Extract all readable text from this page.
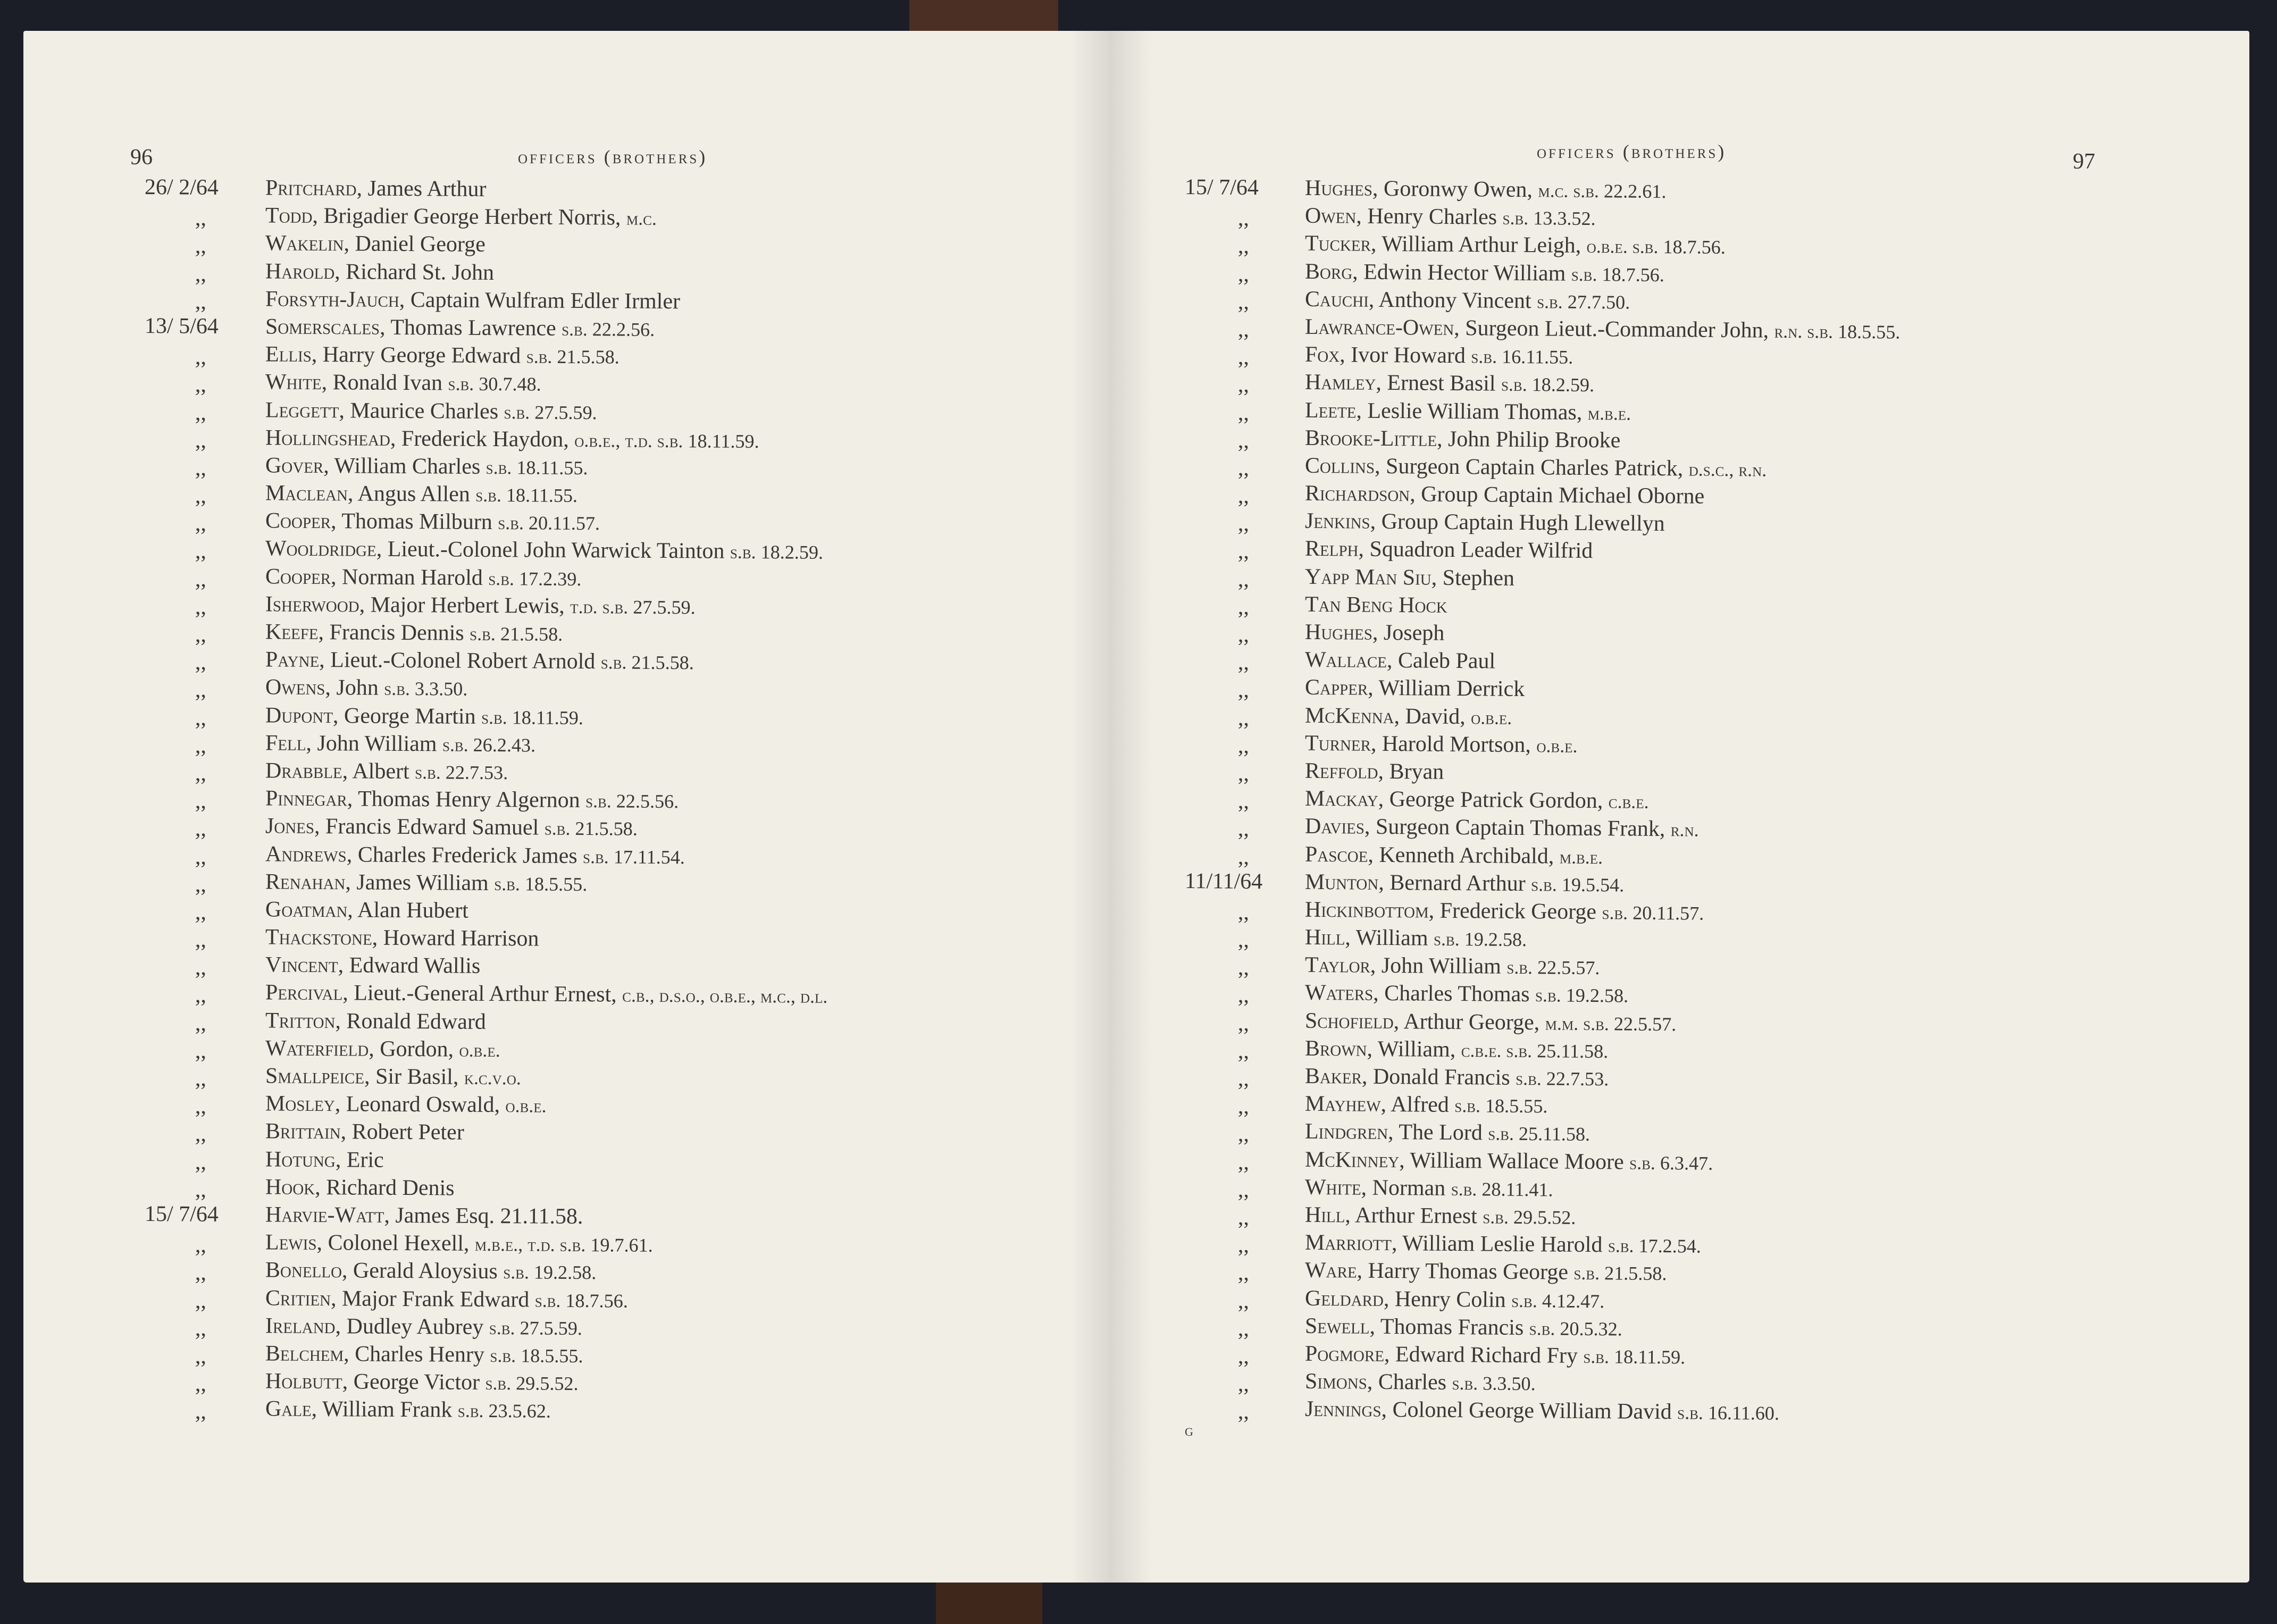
96	officers (brothers)
26/ 2/64 Pritchard, James Arthur
,,	Todd, Brigadier George Herbert Norris, m.c.
,,	Wakelin, Daniel George
,,	Harold, Richard St. John
,,	Forsyth-Jauch, Captain Wulfram Edler Irmler
13/ 5/64 Somerscales, Thomas Lawrence s.b. 22.2.56.
,,	Ellis, Harry George Edward s.b. 21.5.58.
,,	White, Ronald Ivan s.b. 30.7.48.
,,	Leggett, Maurice Charles s.b. 27.5.59.
,,	Hollingshead, Frederick Haydon, o.b.e., t.d. s.b. 18.11.59.
,,	Gover, William Charles s.b. 18.11.55.
,,	Maclean, Angus Allen s.b. 18.11.55.
,,	Cooper, Thomas Milburn s.b. 20.11.57.
,,	Wooldridge, Lieut.-Colonel John Warwick Tainton s.b. 18.2.59.
,,	Cooper, Norman Harold s.b. 17.2.39.
,,	Isherwood, Major Herbert Lewis, t.d. s.b. 27.5.59.
,,	Keefe, Francis Dennis s.b. 21.5.58.
,,	Payne, Lieut.-Colonel Robert Arnold s.b. 21.5.58.
,,	Owens, John s.b. 3.3.50.
,,	Dupont, George Martin s.b. 18.11.59.
,,	Fell, John William s.b. 26.2.43.
,,	Drabble, Albert s.b. 22.7.53.
,,	Pinnegar, Thomas Henry Algernon s.b. 22.5.56.
,,	Jones, Francis Edward Samuel s.b. 21.5.58.
,,	Andrews, Charles Frederick James s.b. 17.11.54.
,,	Renahan, James William s.b. 18.5.55.
,,	Goatman, Alan Hubert
,,	Thackstone, Howard Harrison
,,	Vincent, Edward Wallis
,,	Percival, Lieut.-General Arthur Ernest, c.b., d.s.o., o.b.e., m.c., d.l.
,,	Tritton, Ronald Edward
,,	Waterfield, Gordon, o.b.e.
,,	Smallpeice, Sir Basil, k.c.v.o.
,,	Mosley, Leonard Oswald, o.b.e.
,,	Brittain, Robert Peter
,,	Hotung, Eric
,,	Hook, Richard Denis
15/ 7/64 Harvie-Watt, James Esq. 21.11.58.
,,	Lewis, Colonel Hexell, m.b.e., t.d. s.b. 19.7.61.
,,	Bonello, Gerald Aloysius s.b. 19.2.58.
,,	Critien, Major Frank Edward s.b. 18.7.56.
,,	Ireland, Dudley Aubrey s.b. 27.5.59.
,,	Belchem, Charles Henry s.b. 18.5.55.
,,	Holbutt, George Victor s.b. 29.5.52.
,,	Gale, William Frank s.b. 23.5.62.
officers (brothers)	97
15/ 7/64 Hughes, Goronwy Owen, m.c. s.b. 22.2.61.
,, Owen, Henry Charles s.b. 13.3.52.
,, Tucker, William Arthur Leigh, o.b.e. s.b. 18.7.56.
,, Borg, Edwin Hector William s.b. 18.7.56.
,, Cauchi, Anthony Vincent s.b. 27.7.50.
,, Lawrance-Owen, Surgeon Lieut.-Commander John, r.n. s.b. 18.5.55.
,, Fox, Ivor Howard s.b. 16.11.55.
,, Hamley, Ernest Basil s.b. 18.2.59.
,, Leete, Leslie William Thomas, m.b.e.
,, Brooke-Little, John Philip Brooke
,, Collins, Surgeon Captain Charles Patrick, d.s.c., r.n.
,, Richardson, Group Captain Michael Oborne
,, Jenkins, Group Captain Hugh Llewellyn
,, Relph, Squadron Leader Wilfrid
,, Yapp Man Siu, Stephen
,, Tan Beng Hock
,, Hughes, Joseph
,, Wallace, Caleb Paul
,, Capper, William Derrick
,, McKenna, David, o.b.e.
,, Turner, Harold Mortson, o.b.e.
,, Reffold, Bryan
,, Mackay, George Patrick Gordon, c.b.e.
,, Davies, Surgeon Captain Thomas Frank, r.n.
,, Pascoe, Kenneth Archibald, m.b.e.
11/11/64 Munton, Bernard Arthur s.b. 19.5.54.
,, Hickinbottom, Frederick George s.b. 20.11.57.
,, Hill, William s.b. 19.2.58.
,, Taylor, John William s.b. 22.5.57.
,, Waters, Charles Thomas s.b. 19.2.58.
,, Schofield, Arthur George, m.m. s.b. 22.5.57.
,, Brown, William, c.b.e. s.b. 25.11.58.
,, Baker, Donald Francis s.b. 22.7.53.
,, Mayhew, Alfred s.b. 18.5.55.
,, Lindgren, The Lord s.b. 25.11.58.
,, McKinney, William Wallace Moore s.b. 6.3.47.
,, White, Norman s.b. 28.11.41.
,, Hill, Arthur Ernest s.b. 29.5.52.
,, Marriott, William Leslie Harold s.b. 17.2.54.
,, Ware, Harry Thomas George s.b. 21.5.58.
,, Geldard, Henry Colin s.b. 4.12.47.
,, Sewell, Thomas Francis s.b. 20.5.32.
,, Pogmore, Edward Richard Fry s.b. 18.11.59.
,, Simons, Charles s.b. 3.3.50.
,, Jennings, Colonel George William David s.b. 16.11.60.
G
